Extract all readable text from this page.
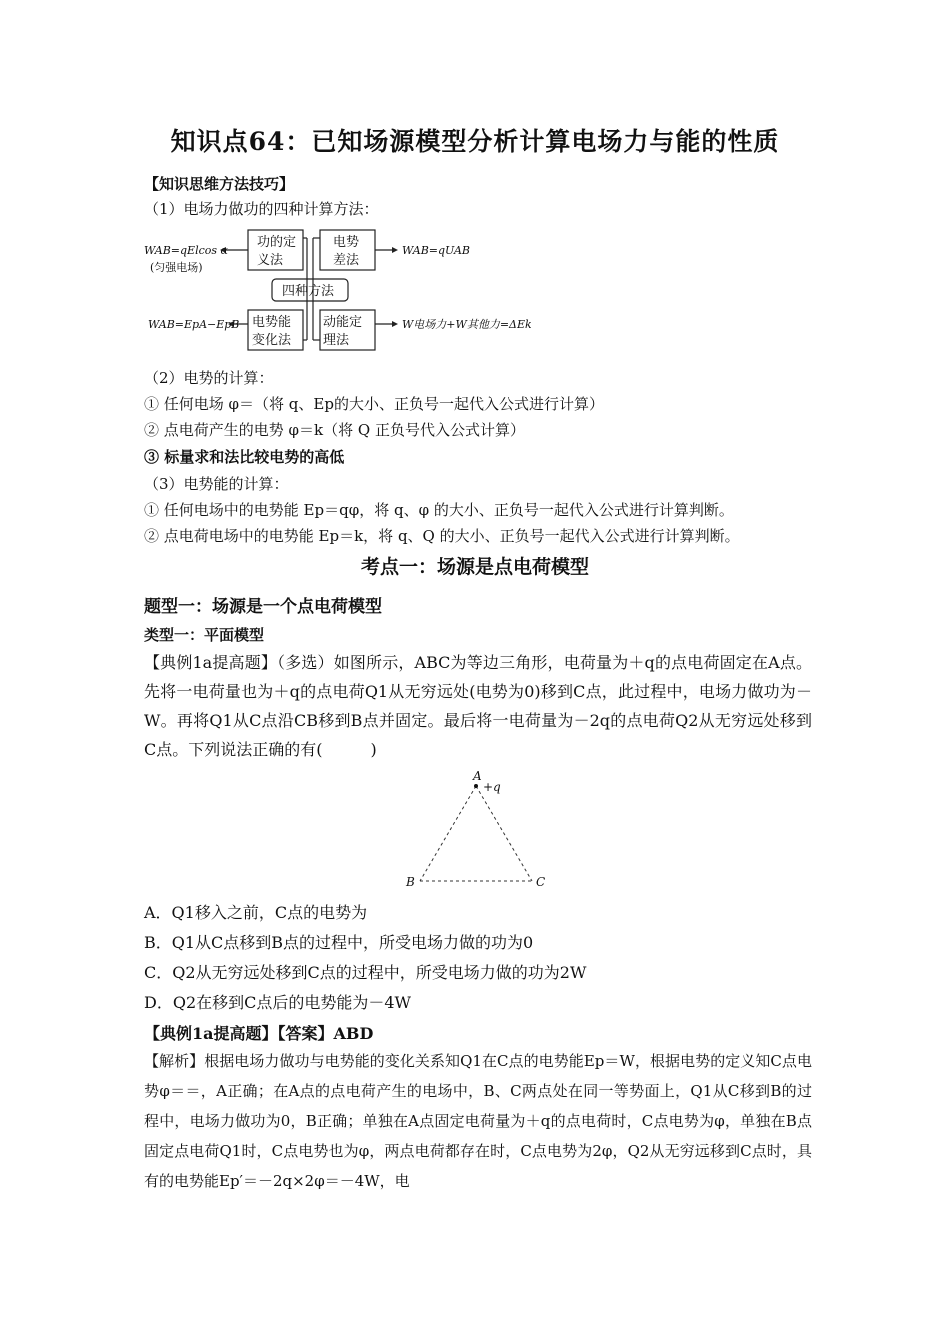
知识点64：已知场源模型分析计算电场力与能的性质
【知识思维方法技巧】
（1）电场力做功的四种计算方法：
功的定
义法
电势
差法
四种方法
电势能
变化法
动能定
理法
WAB=qElcos α
(匀强电场)
WAB=qUAB
WAB=EpA−EpB	W电场力+W其他力=ΔEk
（2）电势的计算：
① 任何电场 φ＝（将 q、Ep的大小、正负号一起代入公式进行计算）
② 点电荷产生的电势 φ＝k（将 Q 正负号代入公式计算）
③ 标量求和法比较电势的高低
（3）电势能的计算：
① 任何电场中的电势能 Ep＝qφ，将 q、φ 的大小、正负号一起代入公式进行计算判断。
② 点电荷电场中的电势能 Ep＝k，将 q、Q 的大小、正负号一起代入公式进行计算判断。
考点一：场源是点电荷模型
题型一：场源是一个点电荷模型
类型一：平面模型
【典例1a提高题】（多选）如图所示，ABC为等边三角形，电荷量为＋q的点电荷固定在A点。先将一电荷量也为＋q的点电荷Q1从无穷远处(电势为0)移到C点，此过程中，电场力做功为－W。再将Q1从C点沿CB移到B点并固定。最后将一电荷量为－2q的点电荷Q2从无穷远处移到C点。下列说法正确的有(　　　)
A
+q
B	C
A．Q1移入之前，C点的电势为
B．Q1从C点移到B点的过程中，所受电场力做的功为0
C．Q2从无穷远处移到C点的过程中，所受电场力做的功为2W
D．Q2在移到C点后的电势能为－4W
【典例1a提高题】【答案】ABD
【解析】根据电场力做功与电势能的变化关系知Q1在C点的电势能Ep＝W，根据电势的定义知C点电势φ＝＝，A正确；在A点的点电荷产生的电场中，B、C两点处在同一等势面上，Q1从C移到B的过程中，电场力做功为0，B正确；单独在A点固定电荷量为＋q的点电荷时，C点电势为φ，单独在B点固定点电荷Q1时，C点电势也为φ，两点电荷都存在时，C点电势为2φ，Q2从无穷远移到C点时，具有的电势能Ep′＝－2q×2φ＝－4W，电
